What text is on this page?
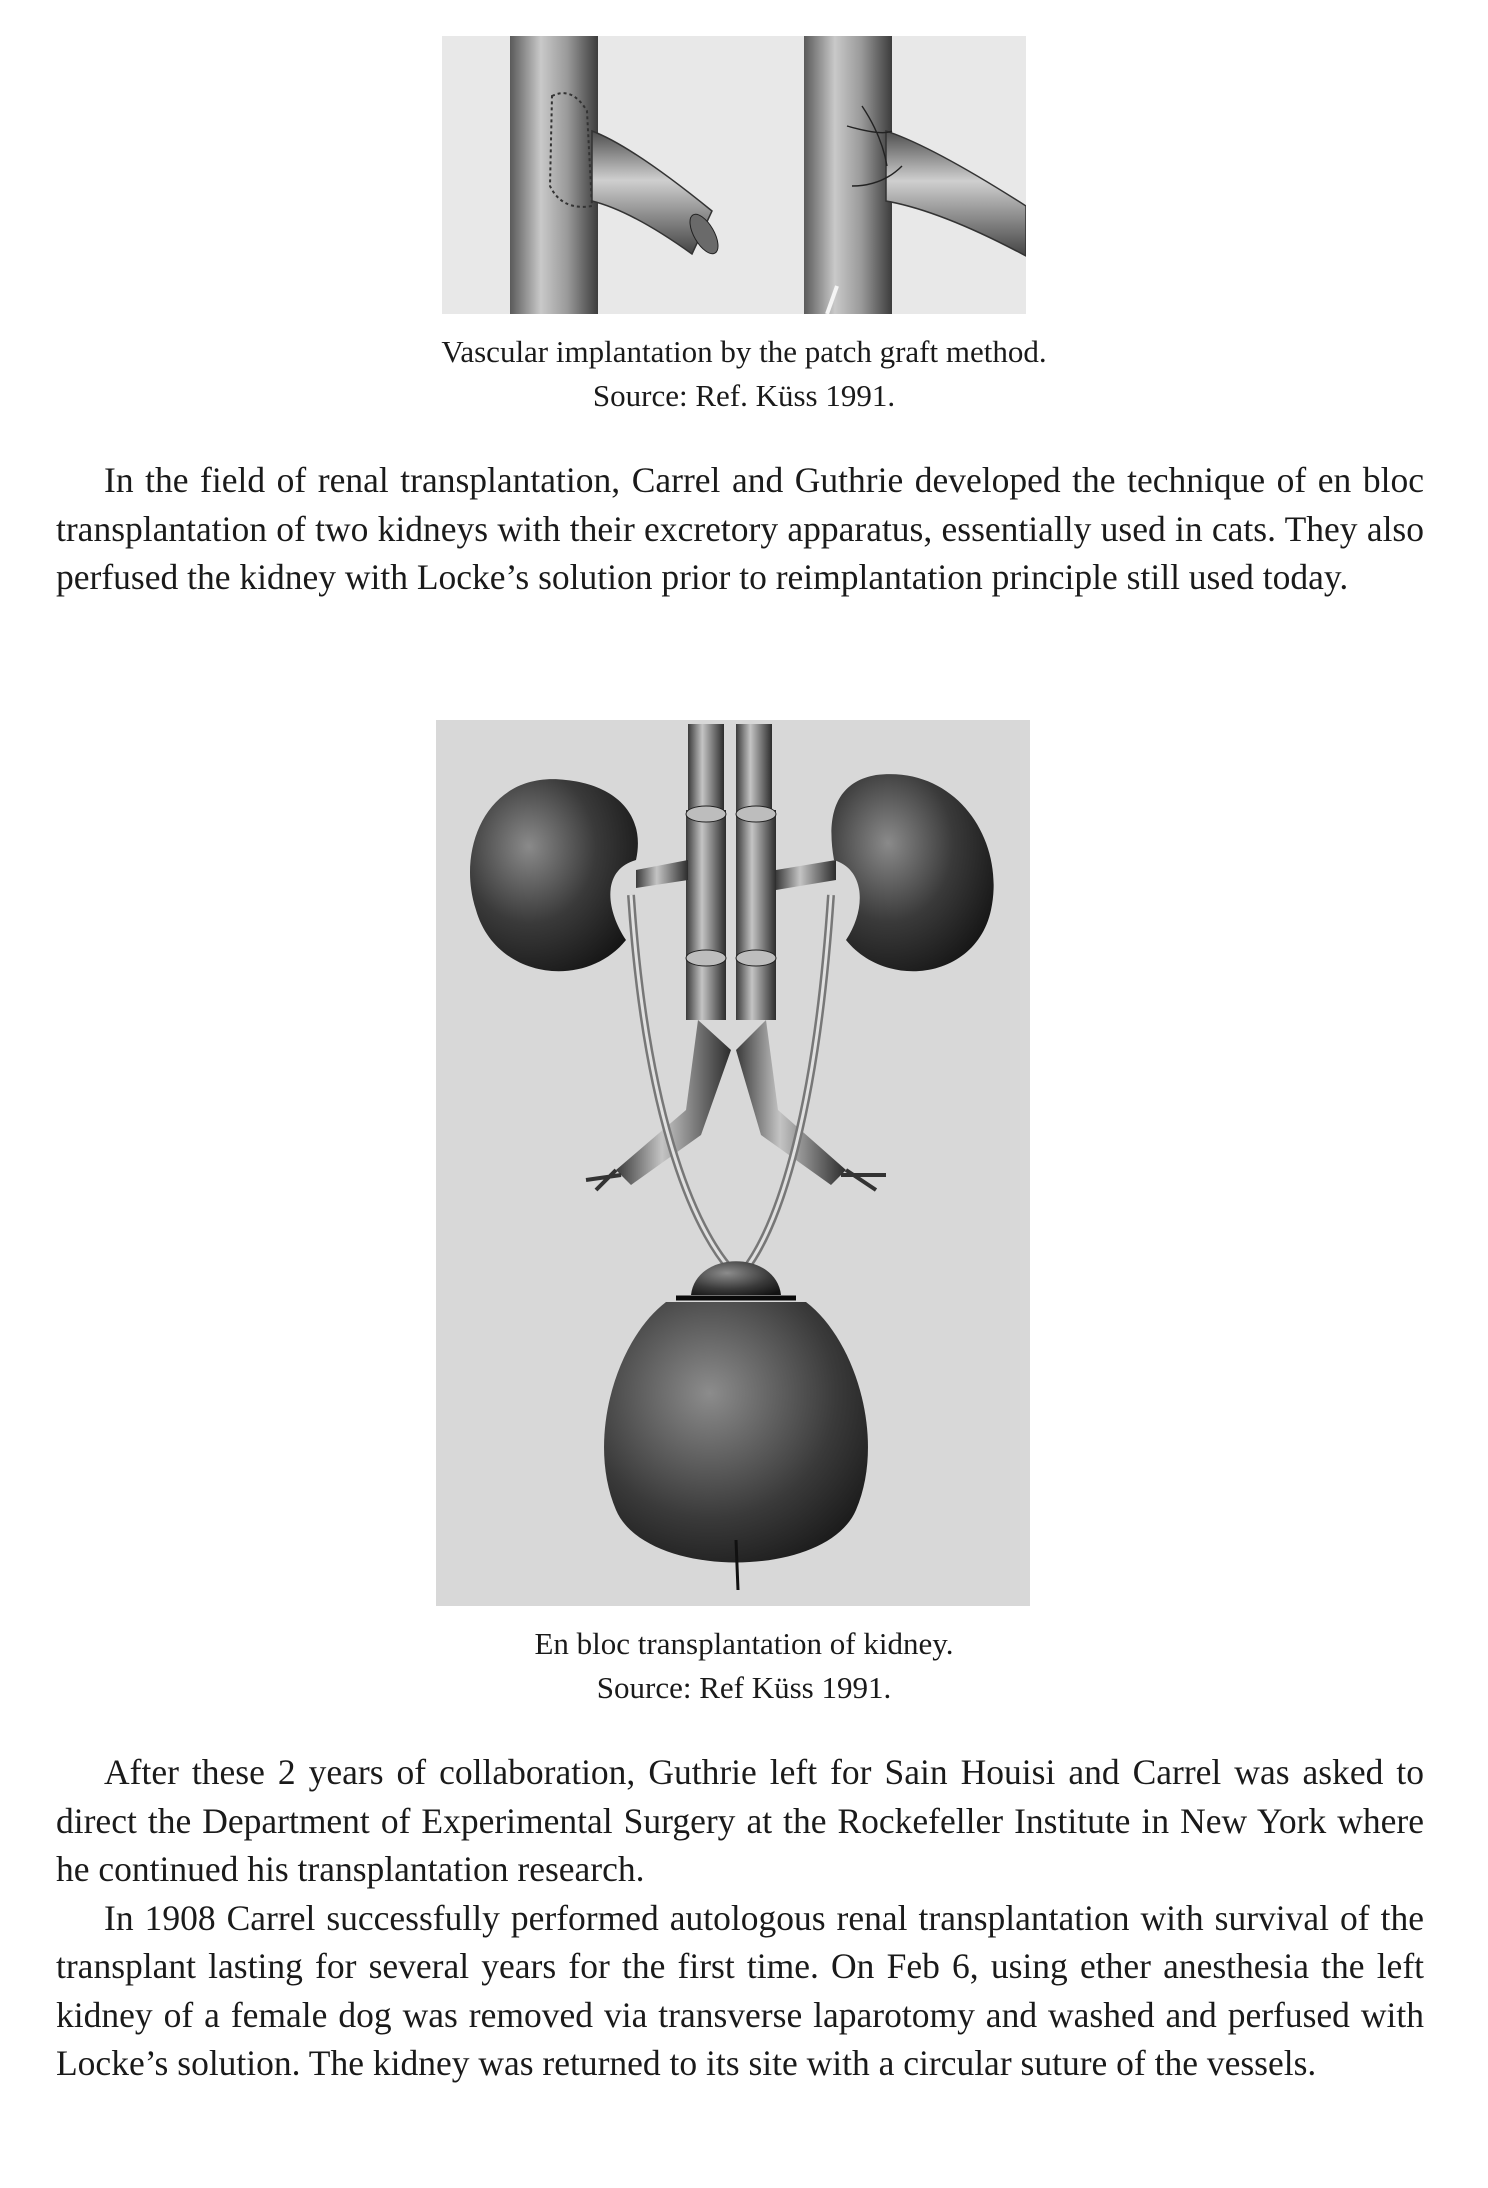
Vascular implantation by the patch graft method.
Source: Ref. Küss 1991.

In the field of renal transplantation, Carrel and Guthrie developed the technique of en bloc transplantation of two kidneys with their excretory apparatus, essentially used in cats. They also perfused the kidney with Locke’s solution prior to reimplantation principle still used today.

En bloc transplantation of kidney.
Source: Ref Küss 1991.

After these 2 years of collaboration, Guthrie left for Sain Houisi and Carrel was asked to direct the Department of Experimental Surgery at the Rockefeller Institute in New York where he continued his transplantation research.

In 1908 Carrel successfully performed autologous renal transplantation with survival of the transplant lasting for several years for the first time. On Feb 6, using ether anesthesia the left kidney of a female dog was removed via transverse laparotomy and washed and perfused with Locke’s solution. The kidney was returned to its site with a circular suture of the vessels.
